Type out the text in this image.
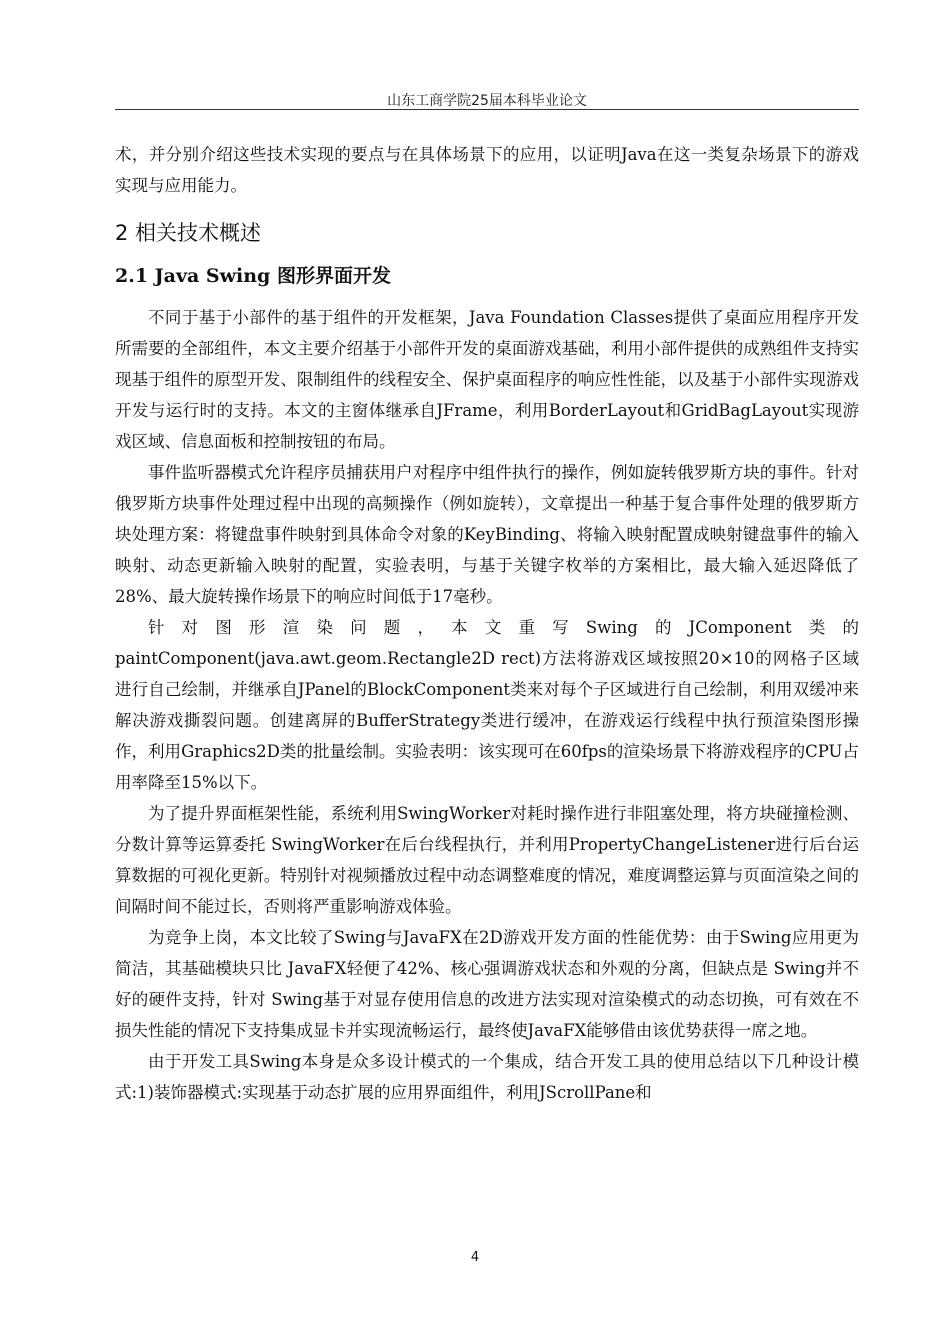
山东工商学院25届本科毕业论文

术，并分别介绍这些技术实现的要点与在具体场景下的应用，以证明Java在这一类复杂场景下的游戏实现与应用能力。

2 相关技术概述
2.1 Java Swing 图形界面开发

不同于基于小部件的基于组件的开发框架，Java Foundation Classes提供了桌面应用程序开发所需要的全部组件，本文主要介绍基于小部件开发的桌面游戏基础，利用小部件提供的成熟组件支持实现基于组件的原型开发、限制组件的线程安全、保护桌面程序的响应性性能，以及基于小部件实现游戏开发与运行时的支持。本文的主窗体继承自JFrame，利用BorderLayout和GridBagLayout实现游戏区域、信息面板和控制按钮的布局。

事件监听器模式允许程序员捕获用户对程序中组件执行的操作，例如旋转俄罗斯方块的事件。针对俄罗斯方块事件处理过程中出现的高频操作（例如旋转），文章提出一种基于复合事件处理的俄罗斯方块处理方案：将键盘事件映射到具体命令对象的KeyBinding、将输入映射配置成映射键盘事件的输入映射、动态更新输入映射的配置，实验表明，与基于关键字枚举的方案相比，最大输入延迟降低了28%、最大旋转操作场景下的响应时间低于17毫秒。

针对图形渲染问题，本文重写Swing的JComponent类的paintComponent(java.awt.geom.Rectangle2D rect)方法将游戏区域按照20×10的网格子区域进行自己绘制，并继承自JPanel的BlockComponent类来对每个子区域进行自己绘制，利用双缓冲来解决游戏撕裂问题。创建离屏的BufferStrategy类进行缓冲，在游戏运行线程中执行预渲染图形操作，利用Graphics2D类的批量绘制。实验表明：该实现可在60fps的渲染场景下将游戏程序的CPU占用率降至15%以下。

为了提升界面框架性能，系统利用SwingWorker对耗时操作进行非阻塞处理，将方块碰撞检测、分数计算等运算委托 SwingWorker在后台线程执行，并利用PropertyChangeListener进行后台运算数据的可视化更新。特别针对视频播放过程中动态调整难度的情况，难度调整运算与页面渲染之间的间隔时间不能过长，否则将严重影响游戏体验。

为竞争上岗，本文比较了Swing与JavaFX在2D游戏开发方面的性能优势：由于Swing应用更为简洁，其基础模块只比 JavaFX轻便了42%、核心强调游戏状态和外观的分离，但缺点是 Swing并不好的硬件支持，针对 Swing基于对显存使用信息的改进方法实现对渲染模式的动态切换，可有效在不损失性能的情况下支持集成显卡并实现流畅运行，最终使JavaFX能够借由该优势获得一席之地。

由于开发工具Swing本身是众多设计模式的一个集成，结合开发工具的使用总结以下几种设计模式:1)装饰器模式:实现基于动态扩展的应用界面组件，利用JScrollPane和

4
